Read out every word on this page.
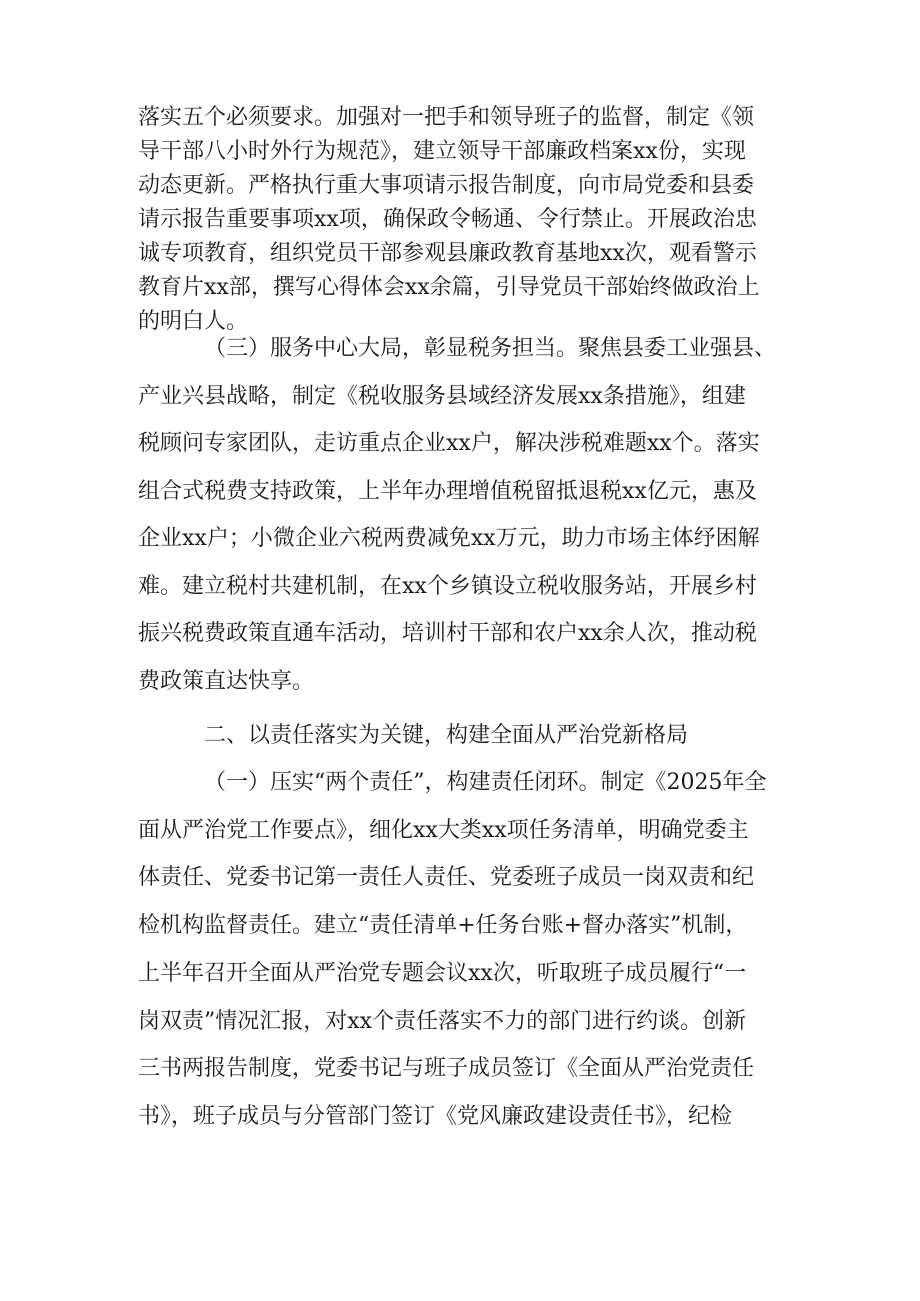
落实五个必须要求。加强对一把手和领导班子的监督，制定《领
导干部八小时外行为规范》，建立领导干部廉政档案xx份，实现
动态更新。严格执行重大事项请示报告制度，向市局党委和县委
请示报告重要事项xx项，确保政令畅通、令行禁止。开展政治忠
诚专项教育，组织党员干部参观县廉政教育基地xx次，观看警示
教育片xx部，撰写心得体会xx余篇，引导党员干部始终做政治上
的明白人。
（三）服务中心大局，彰显税务担当。聚焦县委工业强县、
产业兴县战略，制定《税收服务县域经济发展xx条措施》，组建
税顾问专家团队，走访重点企业xx户，解决涉税难题xx个。落实
组合式税费支持政策，上半年办理增值税留抵退税xx亿元，惠及
企业xx户；小微企业六税两费减免xx万元，助力市场主体纾困解
难。建立税村共建机制，在xx个乡镇设立税收服务站，开展乡村
振兴税费政策直通车活动，培训村干部和农户xx余人次，推动税
费政策直达快享。
二、以责任落实为关键，构建全面从严治党新格局
（一）压实“两个责任”，构建责任闭环。制定《2025年全
面从严治党工作要点》，细化xx大类xx项任务清单，明确党委主
体责任、党委书记第一责任人责任、党委班子成员一岗双责和纪
检机构监督责任。建立“责任清单+任务台账+督办落实”机制，
上半年召开全面从严治党专题会议xx次，听取班子成员履行“一
岗双责”情况汇报，对xx个责任落实不力的部门进行约谈。创新
三书两报告制度，党委书记与班子成员签订《全面从严治党责任
书》，班子成员与分管部门签订《党风廉政建设责任书》，纪检
